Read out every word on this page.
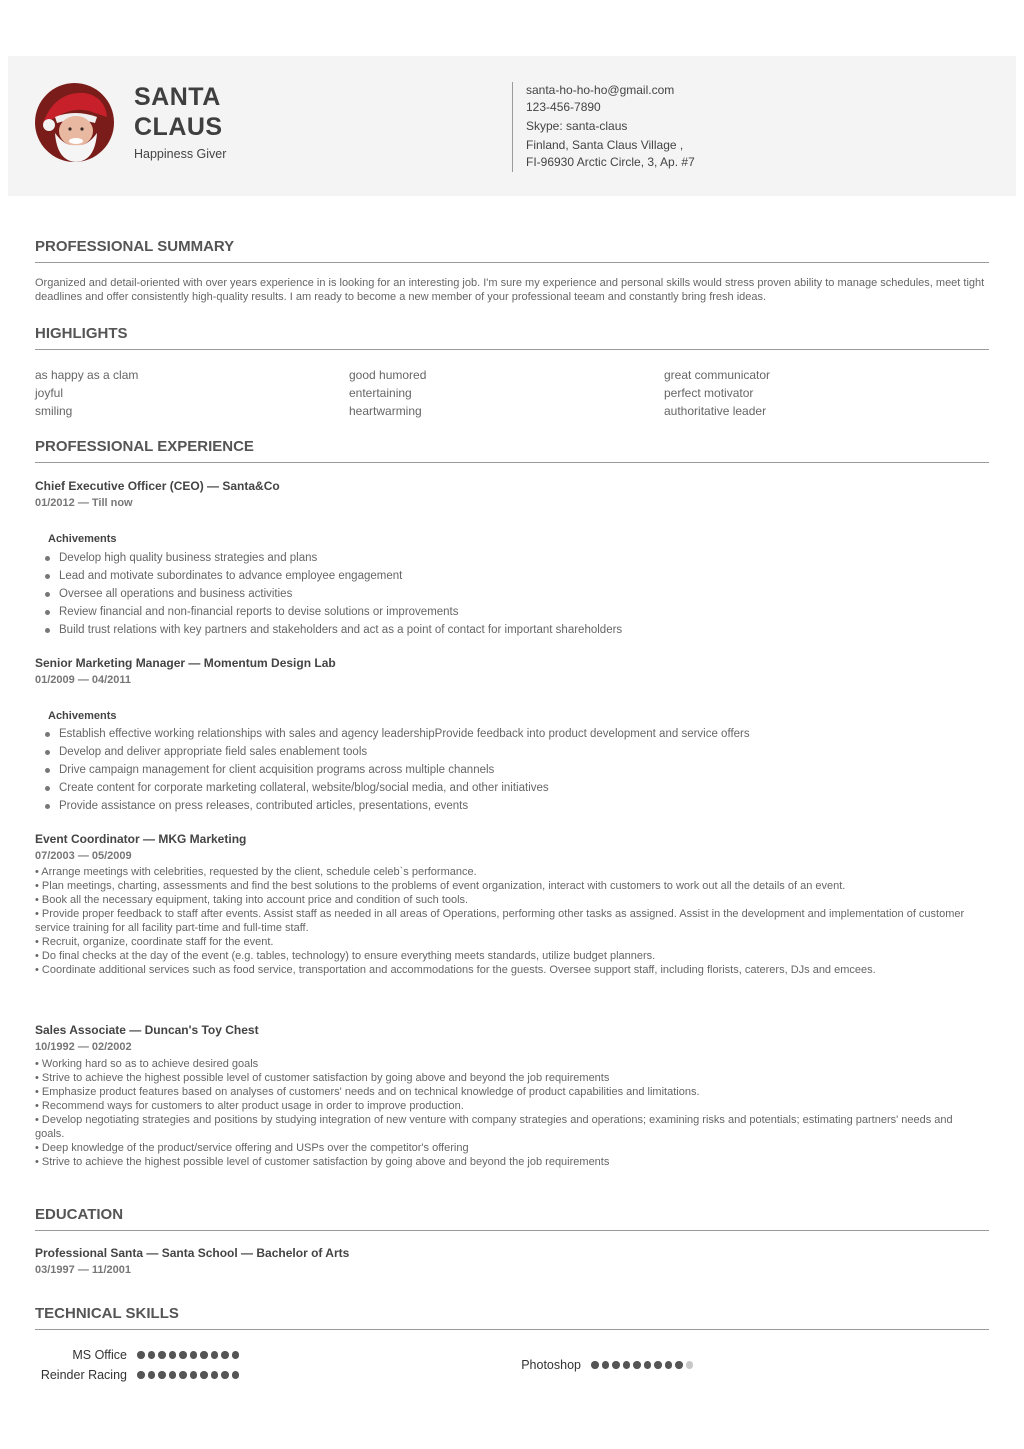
SANTA
CLAUS
Happiness Giver
santa-ho-ho-ho@gmail.com
123-456-7890
Skype: santa-claus
Finland, Santa Claus Village ,
FI-96930 Arctic Circle, 3, Ap. #7
PROFESSIONAL SUMMARY
Organized and detail-oriented with over years experience in is looking for an interesting job. I'm sure my experience and personal skills would stress proven ability to manage schedules, meet tight deadlines and offer consistently high-quality results. I am ready to become a new member of your professional teeam and constantly bring fresh ideas.
HIGHLIGHTS
as happy as a clam
joyful
smiling
good humored
entertaining
heartwarming
great communicator
perfect motivator
authoritative leader
PROFESSIONAL EXPERIENCE
Chief Executive Officer (CEO) — Santa&Co
01/2012 — Till now
Achivements
Develop high quality business strategies and plans
Lead and motivate subordinates to advance employee engagement
Oversee all operations and business activities
Review financial and non-financial reports to devise solutions or improvements
Build trust relations with key partners and stakeholders and act as a point of contact for important shareholders
Senior Marketing Manager — Momentum Design Lab
01/2009 — 04/2011
Achivements
Establish effective working relationships with sales and agency leadershipProvide feedback into product development and service offers
Develop and deliver appropriate field sales enablement tools
Drive campaign management for client acquisition programs across multiple channels
Create content for corporate marketing collateral, website/blog/social media, and other initiatives
Provide assistance on press releases, contributed articles, presentations, events
Event Coordinator — MKG Marketing
07/2003 — 05/2009
• Arrange meetings with celebrities, requested by the client, schedule celeb`s performance.
• Plan meetings, charting, assessments and find the best solutions to the problems of event organization, interact with customers to work out all the details of an event.
• Book all the necessary equipment, taking into account price and condition of such tools.
• Provide proper feedback to staff after events. Assist staff as needed in all areas of Operations, performing other tasks as assigned. Assist in the development and implementation of customer service training for all facility part-time and full-time staff.
• Recruit, organize, coordinate staff for the event.
• Do final checks at the day of the event (e.g. tables, technology) to ensure everything meets standards, utilize budget planners.
• Coordinate additional services such as food service, transportation and accommodations for the guests. Oversee support staff, including florists, caterers, DJs and emcees.
Sales Associate — Duncan's Toy Chest
10/1992 — 02/2002
• Working hard so as to achieve desired goals
• Strive to achieve the highest possible level of customer satisfaction by going above and beyond the job requirements
• Emphasize product features based on analyses of customers' needs and on technical knowledge of product capabilities and limitations.
• Recommend ways for customers to alter product usage in order to improve production.
• Develop negotiating strategies and positions by studying integration of new venture with company strategies and operations; examining risks and potentials; estimating partners' needs and goals.
• Deep knowledge of the product/service offering and USPs over the competitor's offering
• Strive to achieve the highest possible level of customer satisfaction by going above and beyond the job requirements
EDUCATION
Professional Santa — Santa School — Bachelor of Arts
03/1997 — 11/2001
TECHNICAL SKILLS
MS Office
Reinder Racing
Photoshop
